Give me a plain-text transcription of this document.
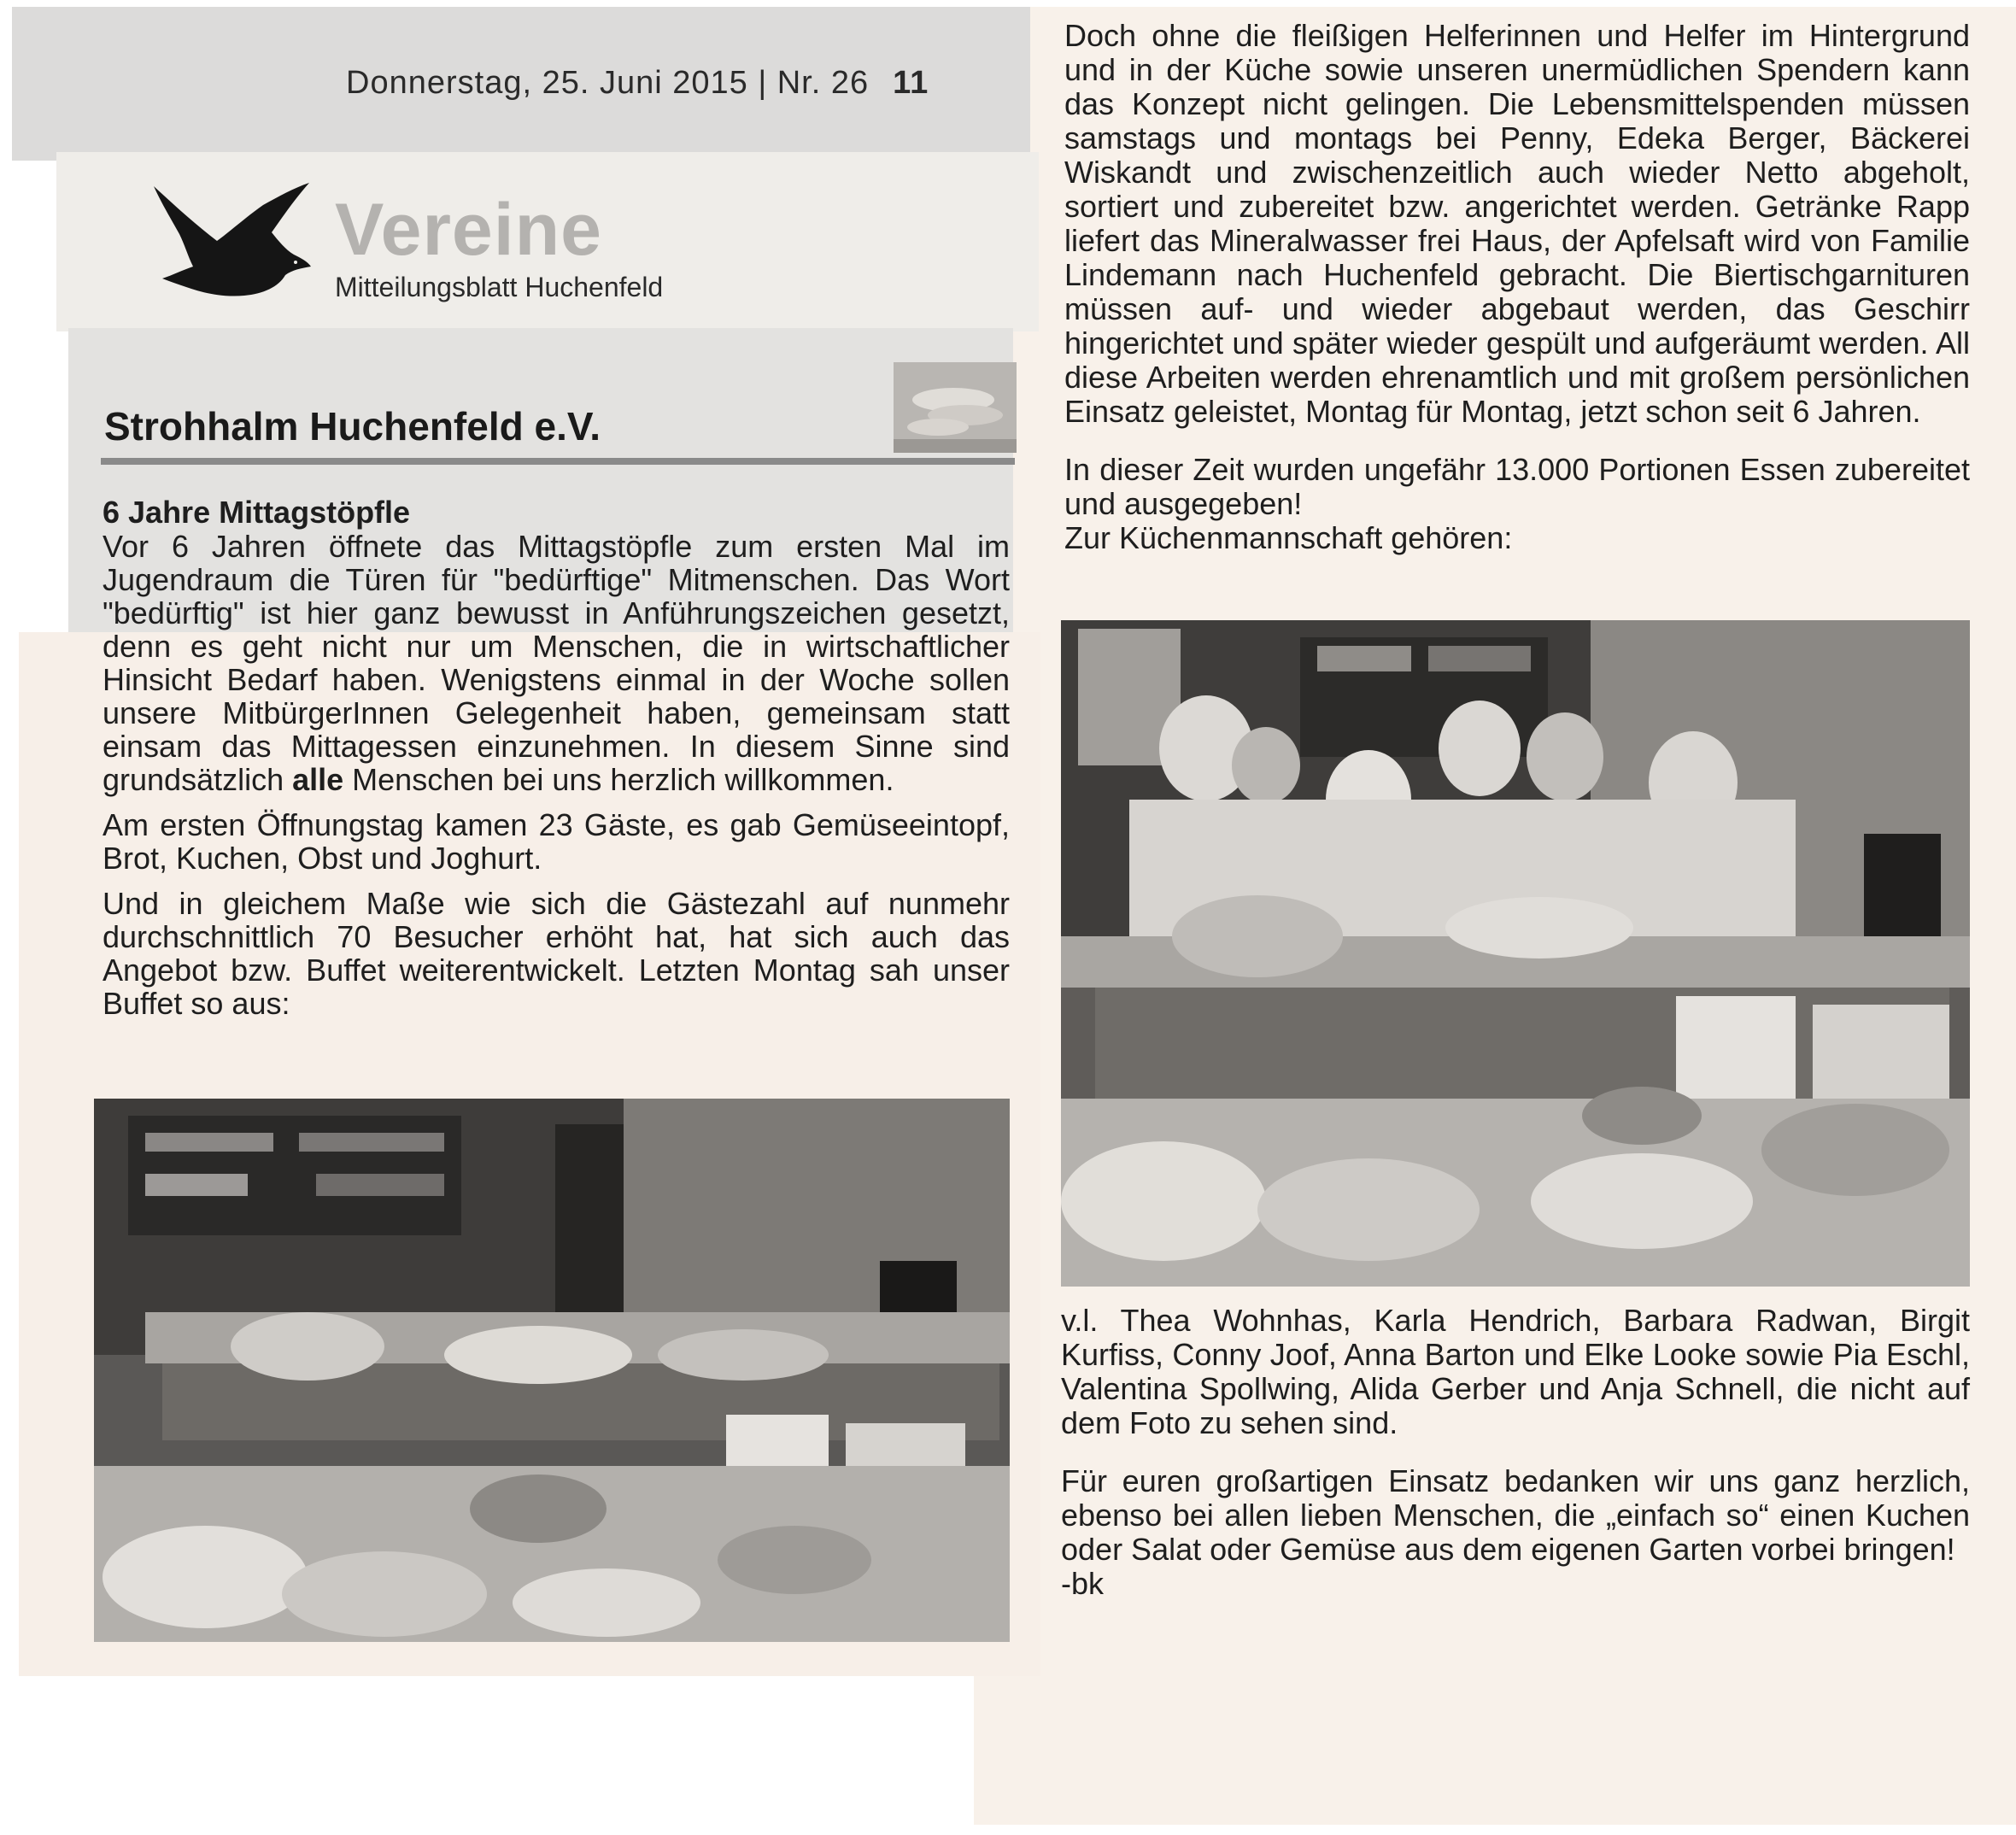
Donnerstag, 25. Juni 2015 | Nr. 26 11
Vereine
Mitteilungsblatt Huchenfeld
Strohhalm Huchenfeld e.V.
6 Jahre Mittagstöpfle

Vor 6 Jahren öffnete das Mittagstöpfle zum ersten Mal im Jugendraum die Türen für "bedürftige" Mitmenschen. Das Wort "bedürftig" ist hier ganz bewusst in Anführungszeichen gesetzt, denn es geht nicht nur um Menschen, die in wirtschaftlicher Hinsicht Bedarf haben. Wenigstens einmal in der Woche sollen unsere MitbürgerInnen Gelegenheit haben, gemeinsam statt einsam das Mittagessen einzunehmen. In diesem Sinne sind grundsätzlich alle Menschen bei uns herzlich willkommen.

Am ersten Öffnungstag kamen 23 Gäste, es gab Gemüseeintopf, Brot, Kuchen, Obst und Joghurt.

Und in gleichem Maße wie sich die Gästezahl auf nunmehr durchschnittlich 70 Besucher erhöht hat, hat sich auch das Angebot bzw. Buffet weiterentwickelt. Letzten Montag sah unser Buffet so aus:

Doch ohne die fleißigen Helferinnen und Helfer im Hintergrund und in der Küche sowie unseren unermüdlichen Spendern kann das Konzept nicht gelingen. Die Lebensmittelspenden müssen samstags und montags bei Penny, Edeka Berger, Bäckerei Wiskandt und zwischenzeitlich auch wieder Netto abgeholt, sortiert und zubereitet bzw. angerichtet werden. Getränke Rapp liefert das Mineralwasser frei Haus, der Apfelsaft wird von Familie Lindemann nach Huchenfeld gebracht. Die Biertischgarnituren müssen auf- und wieder abgebaut werden, das Geschirr hingerichtet und später wieder gespült und aufgeräumt werden. All diese Arbeiten werden ehrenamtlich und mit großem persönlichen Einsatz geleistet, Montag für Montag, jetzt schon seit 6 Jahren.

In dieser Zeit wurden ungefähr 13.000 Portionen Essen zubereitet und ausgegeben!

Zur Küchenmannschaft gehören:

v.l. Thea Wohnhas, Karla Hendrich, Barbara Radwan, Birgit Kurfiss, Conny Joof, Anna Barton und Elke Looke sowie Pia Eschl, Valentina Spollwing, Alida Gerber und Anja Schnell, die nicht auf dem Foto zu sehen sind.

Für euren großartigen Einsatz bedanken wir uns ganz herzlich, ebenso bei allen lieben Menschen, die „einfach so“ einen Kuchen oder Salat oder Gemüse aus dem eigenen Garten vorbei bringen!

-bk
